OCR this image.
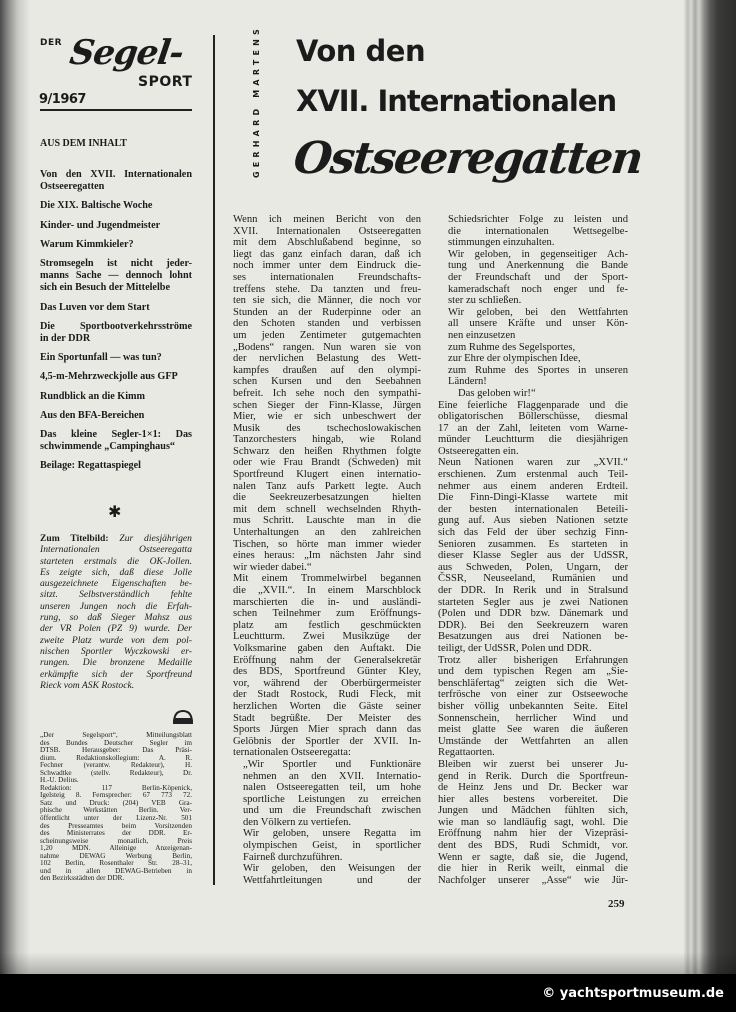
DER Segel-
SPORT
9/1967
AUS DEM INHALT
Von den XVII. Internationalen
Ostseeregatten
Die XIX. Baltische Woche
Kinder- und Jugendmeister
Warum Kimmkieler?
Stromsegeln ist nicht jeder-
manns Sache — dennoch lohnt
sich ein Besuch der Mittelelbe
Das Luven vor dem Start
Die Sportbootverkehrsströme
in der DDR
Ein Sportunfall — was tun?
4,5-m-Mehrzweckjolle aus GFP
Rundblick an die Kimm
Aus den BFA-Bereichen
Das kleine Segler-1×1: Das
schwimmende „Campinghaus“
Beilage: Regattaspiegel
✱
Zum Titelbild: Zur diesjährigen
Internationalen Ostseeregatta
starteten erstmals die OK-Jollen.
Es zeigte sich, daß diese Jolle
ausgezeichnete Eigenschaften be-
sitzt. Selbstverständlich fehlte
unseren Jungen noch die Erfah-
rung, so daß Sieger Mahsz aus
der VR Polen (PZ 9) wurde. Der
zweite Platz wurde von dem pol-
nischen Sportler Wyczkowski er-
rungen. Die bronzene Medaille
erkämpfte sich der Sportfreund
Rieck vom ASK Rostock.
„Der Segelsport“, Mitteilungsblatt
des Bundes Deutscher Segler im
DTSB. Herausgeber: Das Präsi-
dium. Redaktionskollegium: A. R.
Fechner (verantw. Redakteur), H.
Schwadtke (stellv. Redakteur), Dr.
H.-U. Delius.
Redaktion: 117 Berlin-Köpenick,
Igelsteig 8. Fernsprecher: 67 773 72.
Satz und Druck: (204) VEB Gra-
phische Werkstätten Berlin. Ver-
öffentlicht unter der Lizenz-Nr. 501
des Presseamtes beim Vorsitzenden
des Ministerrates der DDR. Er-
scheinungsweise monatlich, Preis
1,20 MDN. Alleinige Anzeigenan-
nahme DEWAG Werbung Berlin,
102 Berlin, Rosenthaler Str. 28–31,
und in allen DEWAG-Betrieben in
den Bezirksstädten der DDR.
GERHARD MARTENS Von den
XVII. Internationalen
Ostseeregatten
Wenn ich meinen Bericht von den
XVII. Internationalen Ostseeregatten
mit dem Abschlußabend beginne, so
liegt das ganz einfach daran, daß ich
noch immer unter dem Eindruck die-
ses internationalen Freundschafts-
treffens stehe. Da tanzten und freu-
ten sie sich, die Männer, die noch vor
Stunden an der Ruderpinne oder an
den Schoten standen und verbissen
um jeden Zentimeter gutgemachten
„Bodens“ rangen. Nun waren sie von
der nervlichen Belastung des Wett-
kampfes draußen auf den olympi-
schen Kursen und den Seebahnen
befreit. Ich sehe noch den sympathi-
schen Sieger der Finn-Klasse, Jürgen
Mier, wie er sich unbeschwert der
Musik des tschechoslowakischen
Tanzorchesters hingab, wie Roland
Schwarz den heißen Rhythmen folgte
oder wie Frau Brandt (Schweden) mit
Sportfreund Klugert einen internatio-
nalen Tanz aufs Parkett legte. Auch
die Seekreuzerbesatzungen hielten
mit dem schnell wechselnden Rhyth-
mus Schritt. Lauschte man in die
Unterhaltungen an den zahlreichen
Tischen, so hörte man immer wieder
eines heraus: „Im nächsten Jahr sind
wir wieder dabei.“
Mit einem Trommelwirbel begannen
die „XVII.“. In einem Marschblock
marschierten die in- und ausländi-
schen Teilnehmer zum Eröffnungs-
platz am festlich geschmückten
Leuchtturm. Zwei Musikzüge der
Volksmarine gaben den Auftakt. Die
Eröffnung nahm der Generalsekretär
des BDS, Sportfreund Günter Kley,
vor, während der Oberbürgermeister
der Stadt Rostock, Rudi Fleck, mit
herzlichen Worten die Gäste seiner
Stadt begrüßte. Der Meister des
Sports Jürgen Mier sprach dann das
Gelöbnis der Sportler der XVII. In-
ternationalen Ostseeregatta:
„Wir Sportler und Funktionäre
nehmen an den XVII. Internatio-
nalen Ostseeregatten teil, um hohe
sportliche Leistungen zu erreichen
und um die Freundschaft zwischen
den Völkern zu vertiefen.
Wir geloben, unsere Regatta im
olympischen Geist, in sportlicher
Fairneß durchzuführen.
Wir geloben, den Weisungen der
Wettfahrtleitungen und der
Schiedsrichter Folge zu leisten und
die internationalen Wettsegelbe-
stimmungen einzuhalten.
Wir geloben, in gegenseitiger Ach-
tung und Anerkennung die Bande
der Freundschaft und der Sport-
kameradschaft noch enger und fe-
ster zu schließen.
Wir geloben, bei den Wettfahrten
all unsere Kräfte und unser Kön-
nen einzusetzen
zum Ruhme des Segelsportes,
zur Ehre der olympischen Idee,
zum Ruhme des Sportes in unseren
Ländern!
Das geloben wir!“
Eine feierliche Flaggenparade und die
obligatorischen Böllerschüsse, diesmal
17 an der Zahl, leiteten vom Warne-
münder Leuchtturm die diesjährigen
Ostseeregatten ein.
Neun Nationen waren zur „XVII.“
erschienen. Zum erstenmal auch Teil-
nehmer aus einem anderen Erdteil.
Die Finn-Dingi-Klasse wartete mit
der besten internationalen Beteili-
gung auf. Aus sieben Nationen setzte
sich das Feld der über sechzig Finn-
Senioren zusammen. Es starteten in
dieser Klasse Segler aus der UdSSR,
aus Schweden, Polen, Ungarn, der
ČSSR, Neuseeland, Rumänien und
der DDR. In Rerik und in Stralsund
starteten Segler aus je zwei Nationen
(Polen und DDR bzw. Dänemark und
DDR). Bei den Seekreuzern waren
Besatzungen aus drei Nationen be-
teiligt, der UdSSR, Polen und DDR.
Trotz aller bisherigen Erfahrungen
und dem typischen Regen am „Sie-
benschläfertag“ zeigten sich die Wet-
terfrösche von einer zur Ostseewoche
bisher völlig unbekannten Seite. Eitel
Sonnenschein, herrlicher Wind und
meist glatte See waren die äußeren
Umstände der Wettfahrten an allen
Regattaorten.
Bleiben wir zuerst bei unserer Ju-
gend in Rerik. Durch die Sportfreun-
de Heinz Jens und Dr. Becker war
hier alles bestens vorbereitet. Die
Jungen und Mädchen fühlten sich,
wie man so landläufig sagt, wohl. Die
Eröffnung nahm hier der Vizepräsi-
dent des BDS, Rudi Schmidt, vor.
Wenn er sagte, daß sie, die Jugend,
die hier in Rerik weilt, einmal die
Nachfolger unserer „Asse“ wie Jür-
259
© yachtsportmuseum.de
